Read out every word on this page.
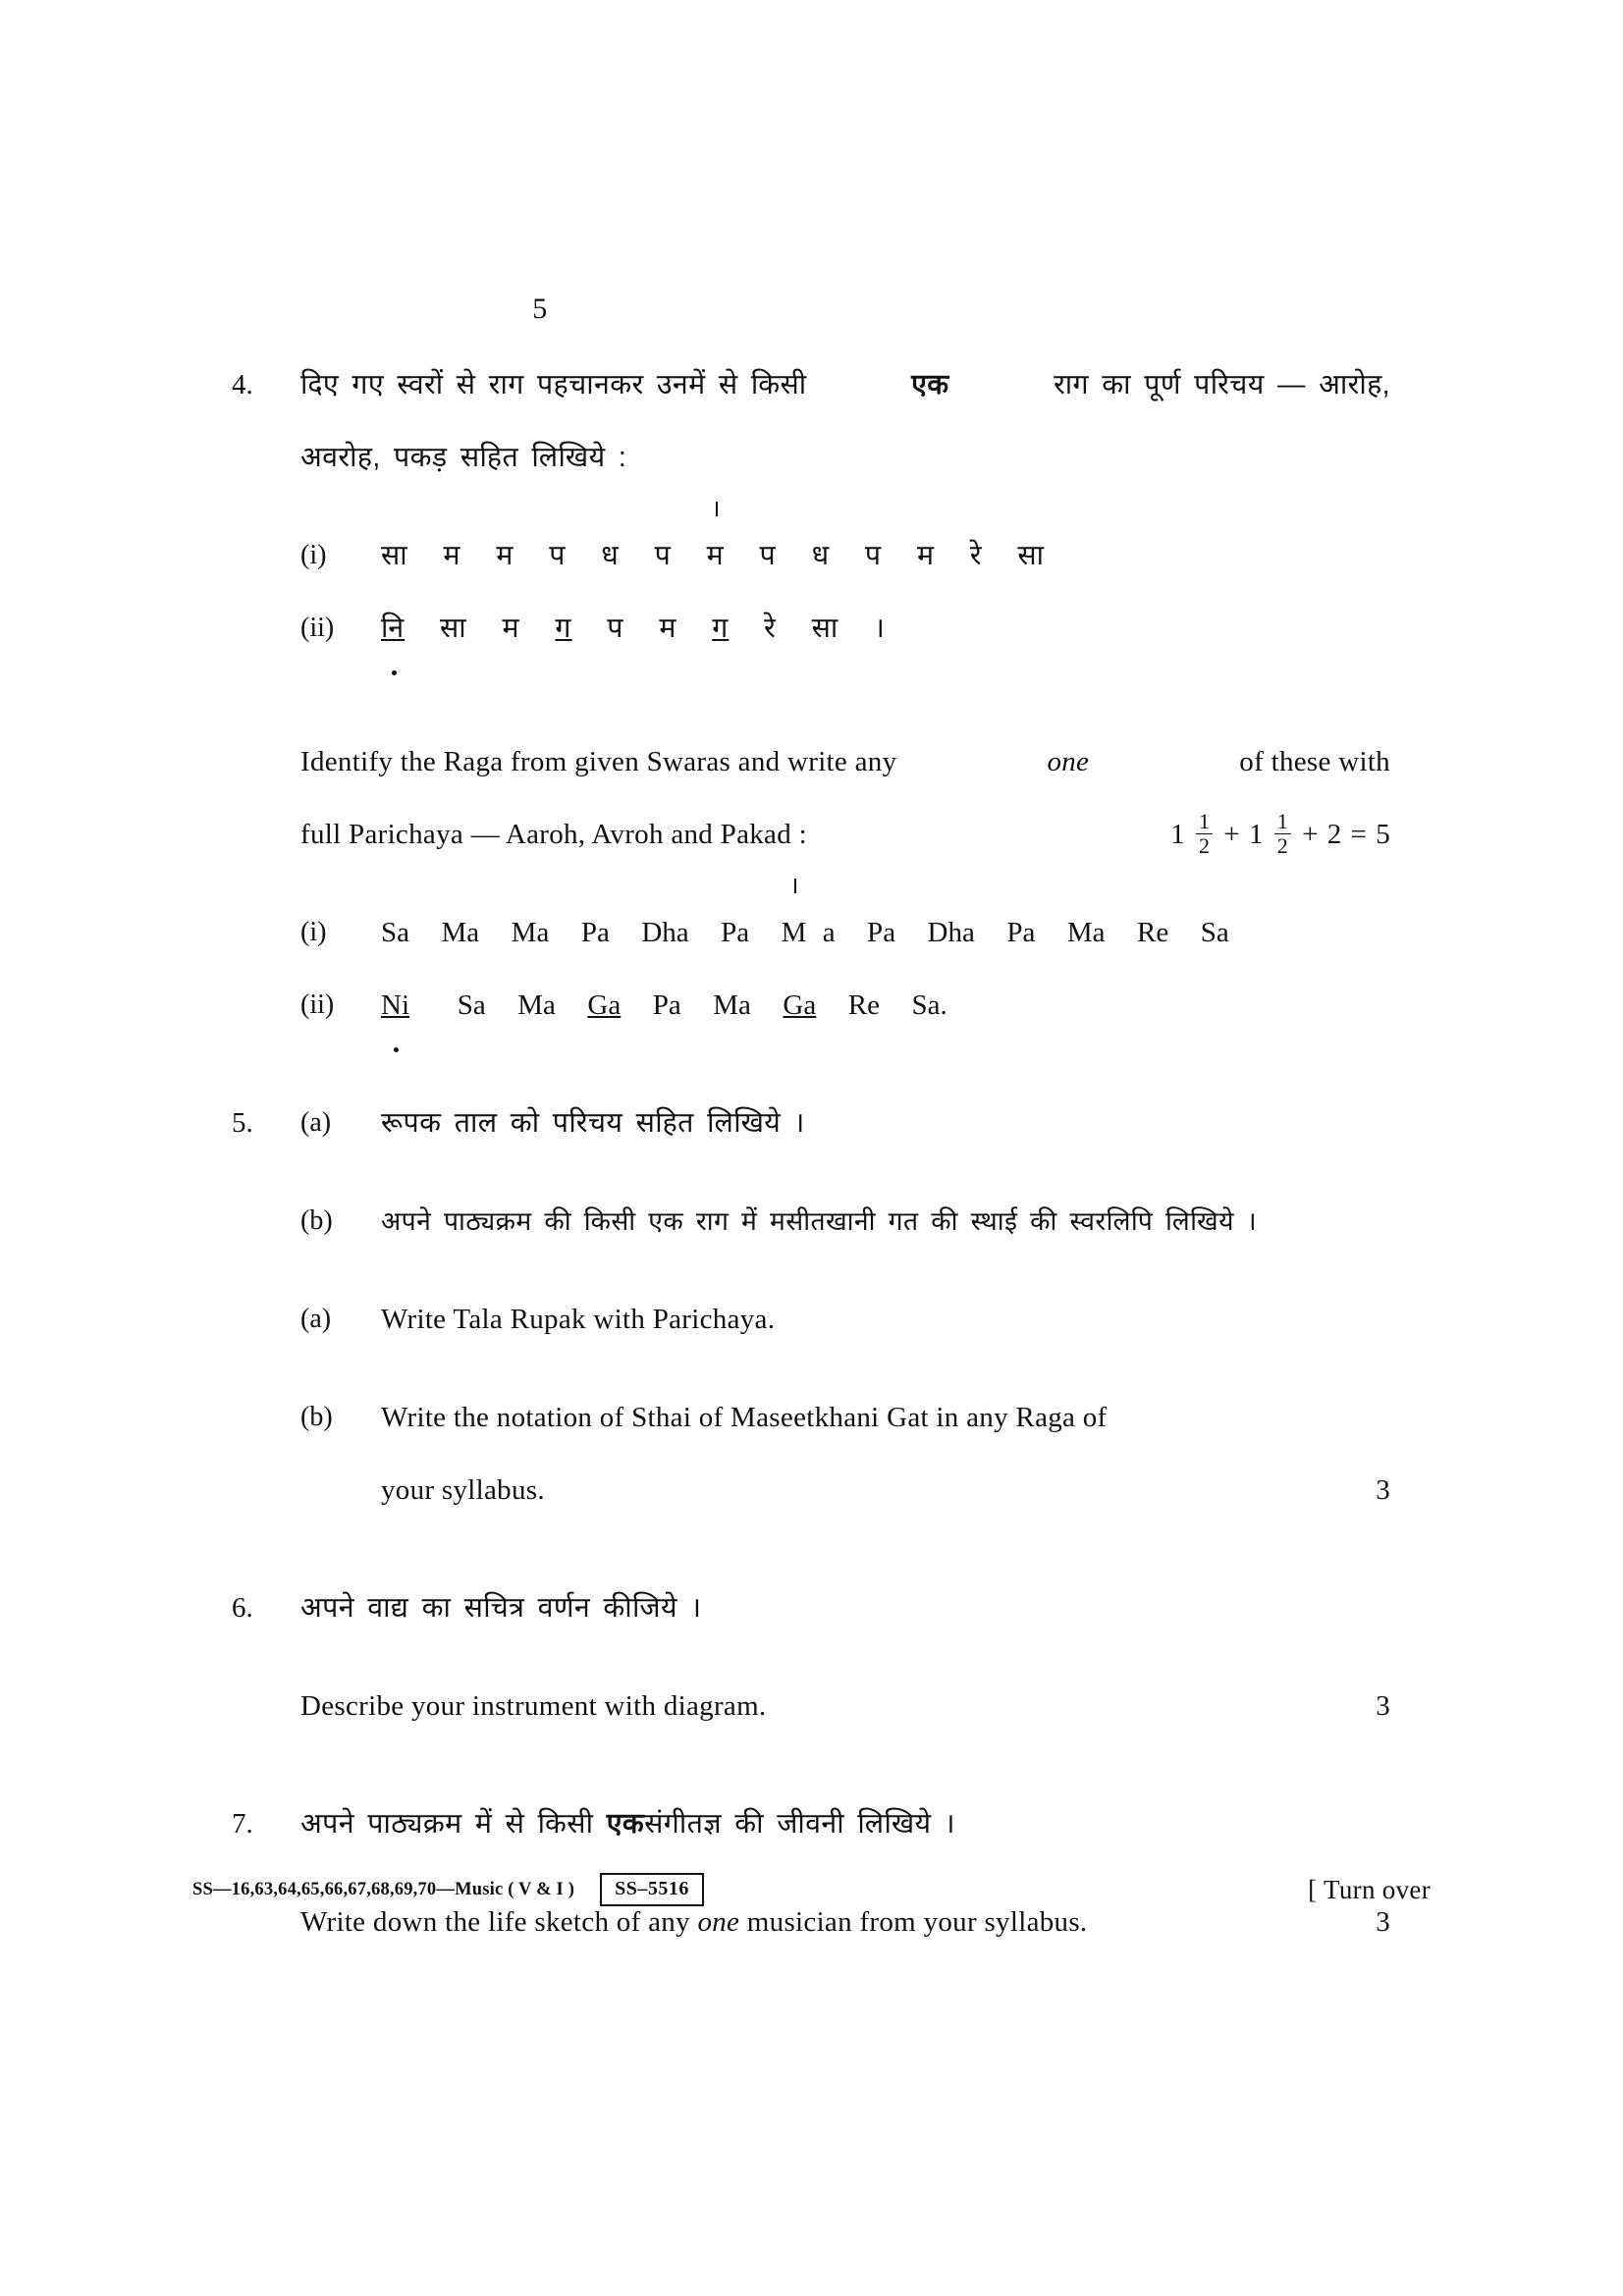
5
4.	दिए गए स्वरों से राग पहचानकर उनमें से किसी	एक	राग का पूर्ण परिचय — आरोह,
अवरोह, पकड़ सहित लिखिये :
(i)	सा  म  म  प  ध  प  म  प  ध  प  म  रे  सा
(ii)	नि  सा  म  ग  प  म  ग  रे  सा  ।
Identify the Raga from given Swaras and write any	one	of these with
full Parichaya — Aaroh, Avroh and Pakad :	$1 \frac{1}{2} + 1 \frac{1}{2} + 2 = 5$
(i)	Sa  Ma  Ma  Pa  Dha  Pa  M a  Pa  Dha  Pa  Ma  Re  Sa
(ii)	Ni   Sa  Ma  Ga  Pa  Ma  Ga  Re  Sa.
5.	(a)	रूपक ताल को परिचय सहित लिखिये ।
(b)	अपने पाठ्यक्रम की किसी एक राग में मसीतखानी गत की स्थाई की स्वरलिपि लिखिये ।
(a)	Write Tala Rupak with Parichaya.
(b)	Write the notation of Sthai of Maseetkhani Gat in any Raga of
your syllabus.	3
6.	अपने वाद्य का सचित्र वर्णन कीजिये ।
Describe your instrument with diagram.	3
7.	अपने पाठ्यक्रम में से किसी एकसंगीतज्ञ की जीवनी लिखिये ।
Write down the life sketch of any one musician from your syllabus.	3
SS—16,63,64,65,66,67,68,69,70—Music ( V & I )	SS–5516	[ Turn over
